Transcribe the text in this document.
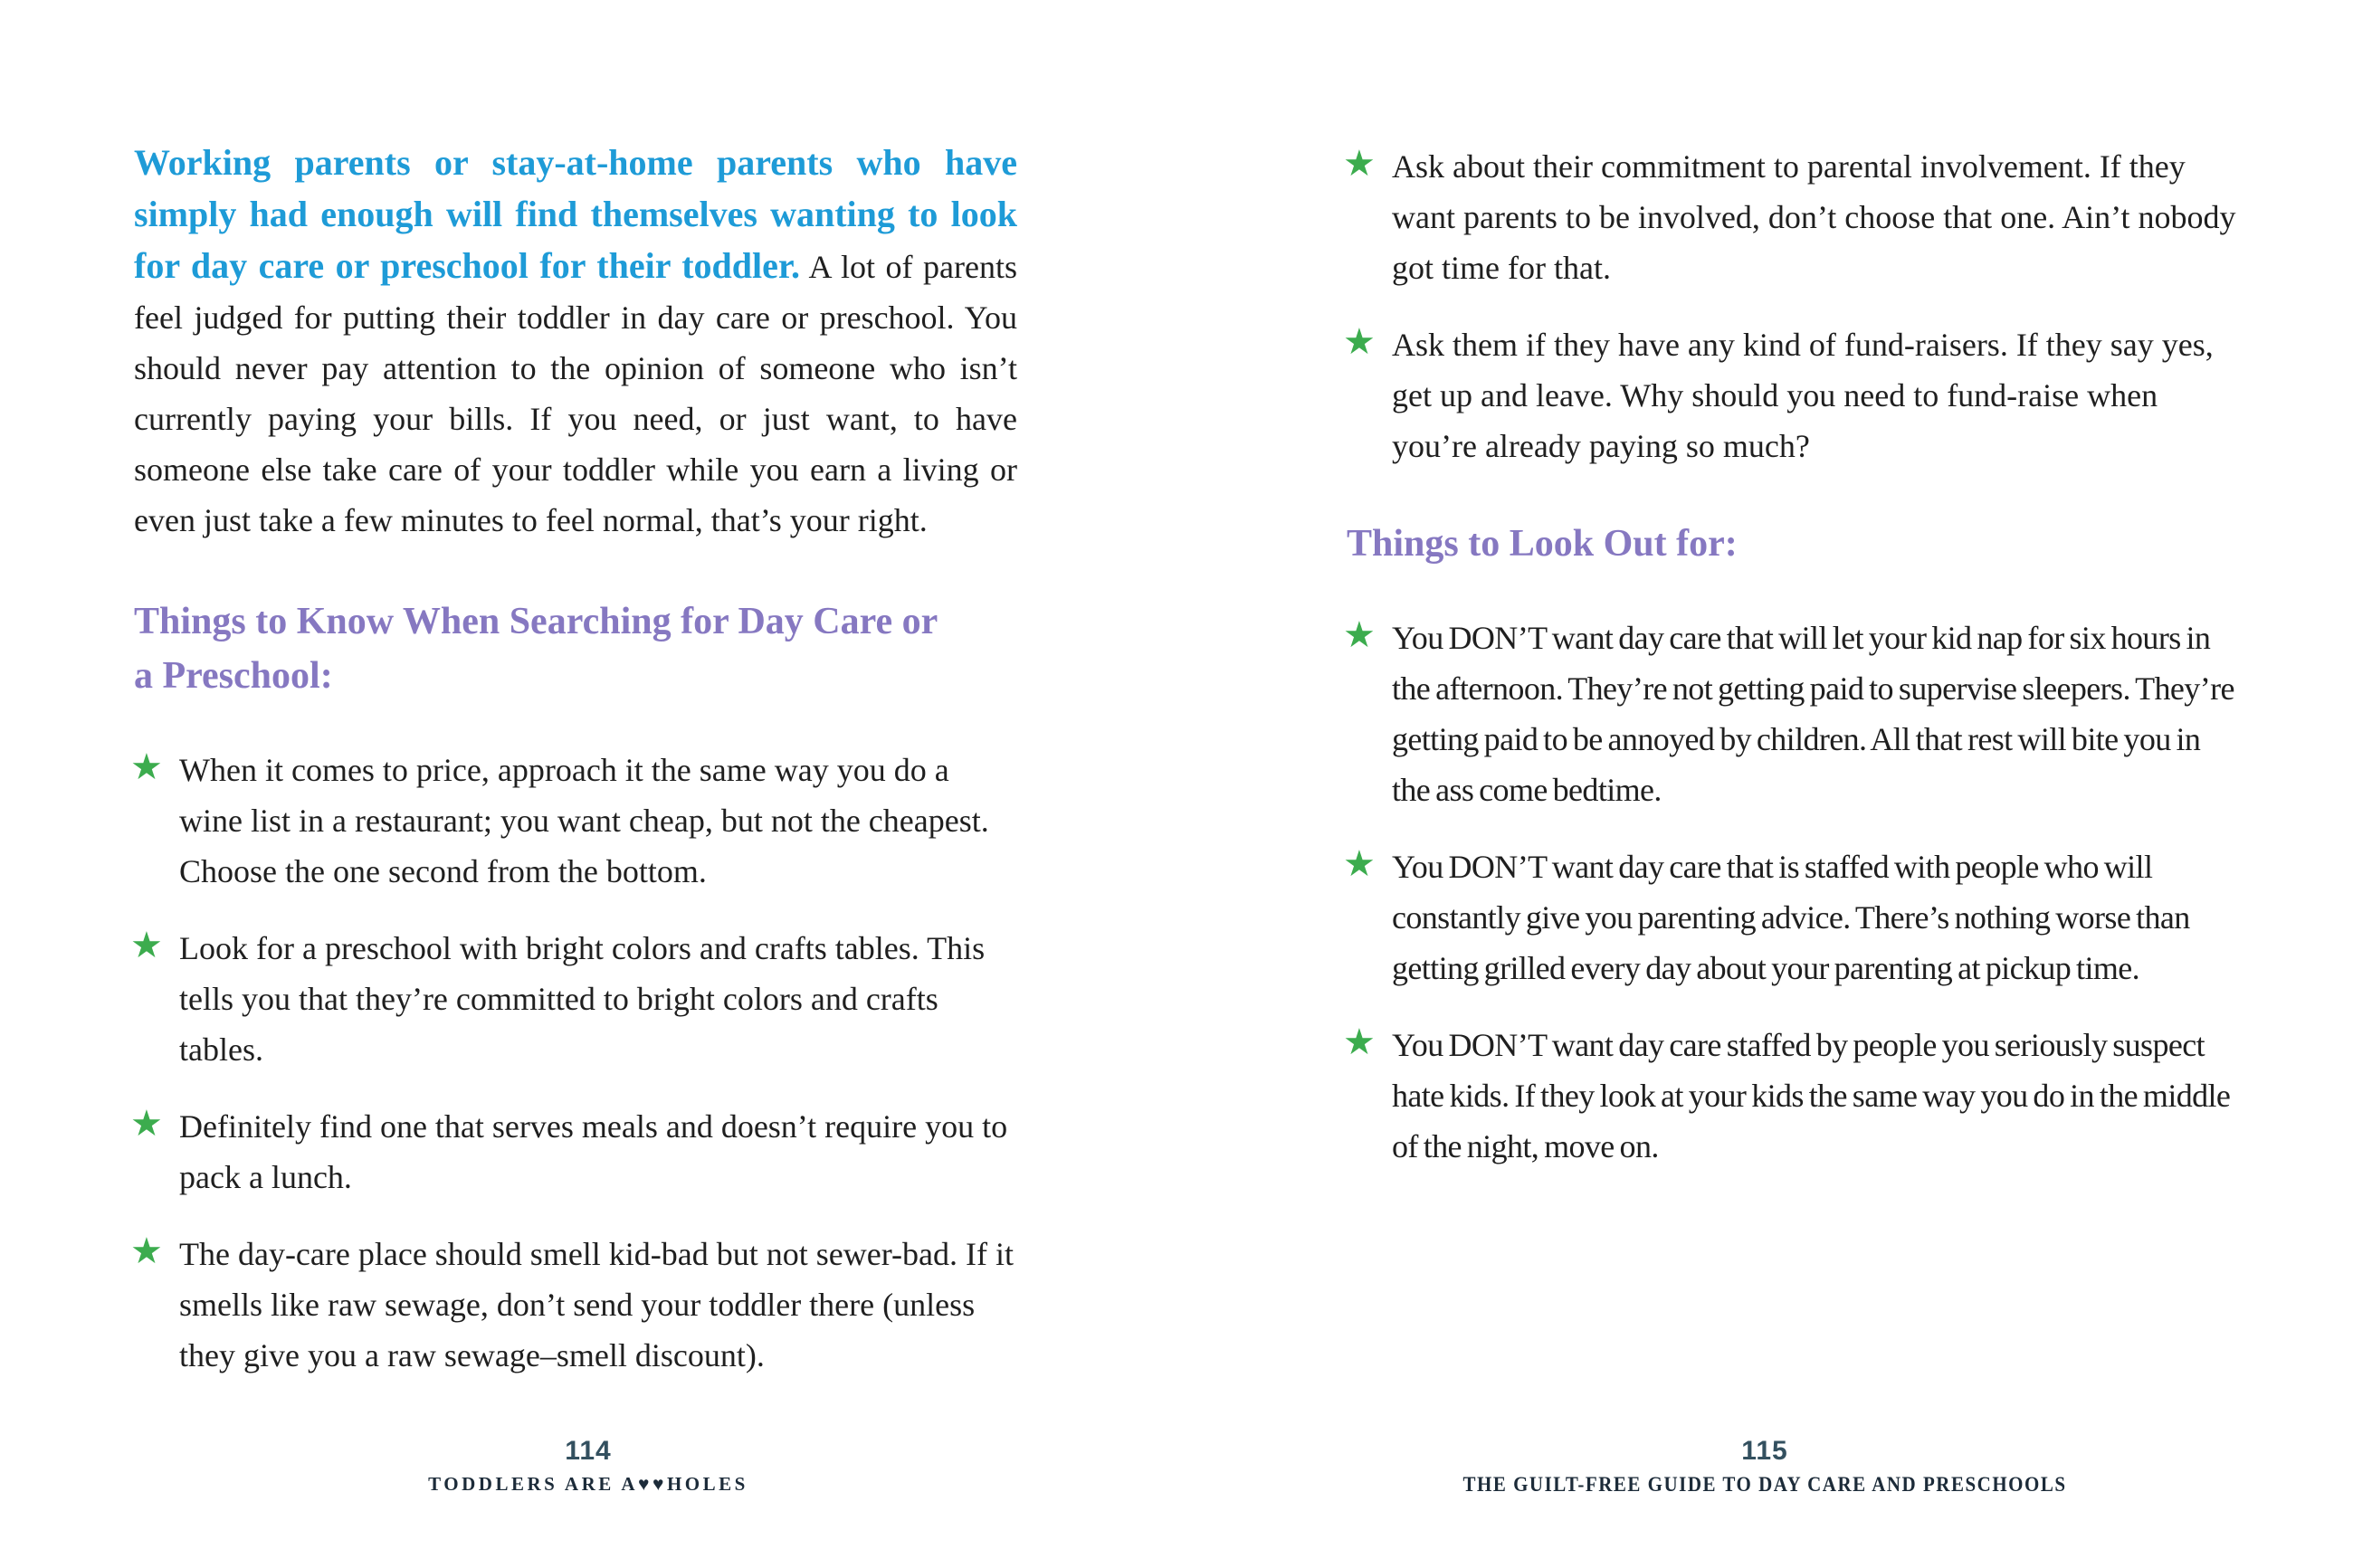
Working parents or stay-at-home parents who have simply had enough will find themselves wanting to look for day care or preschool for their toddler. A lot of parents feel judged for putting their toddler in day care or preschool. You should never pay attention to the opinion of someone who isn’t currently paying your bills. If you need, or just want, to have someone else take care of your toddler while you earn a living or even just take a few minutes to feel normal, that’s your right.

Things to Know When Searching for Day Care or a Preschool:
★ When it comes to price, approach it the same way you do a wine list in a restaurant; you want cheap, but not the cheapest. Choose the one second from the bottom.
★ Look for a preschool with bright colors and crafts tables. This tells you that they’re committed to bright colors and crafts tables.
★ Definitely find one that serves meals and doesn’t require you to pack a lunch.
★ The day-care place should smell kid-bad but not sewer-bad. If it smells like raw sewage, don’t send your toddler there (unless they give you a raw sewage–smell discount).
★ Ask about their commitment to parental involvement. If they want parents to be involved, don’t choose that one. Ain’t nobody got time for that.
★ Ask them if they have any kind of fund-raisers. If they say yes, get up and leave. Why should you need to fund-raise when you’re already paying so much?
Things to Look Out for:
★ You DON’T want day care that will let your kid nap for six hours in the afternoon. They’re not getting paid to supervise sleepers. They’re getting paid to be annoyed by children. All that rest will bite you in the ass come bedtime.
★ You DON’T want day care that is staffed with people who will constantly give you parenting advice. There’s nothing worse than getting grilled every day about your parenting at pickup time.
★ You DON’T want day care staffed by people you seriously suspect hate kids. If they look at your kids the same way you do in the middle of the night, move on.
114
TODDLERS ARE A♥♥HOLES
115
THE GUILT-FREE GUIDE TO DAY CARE AND PRESCHOOLS
